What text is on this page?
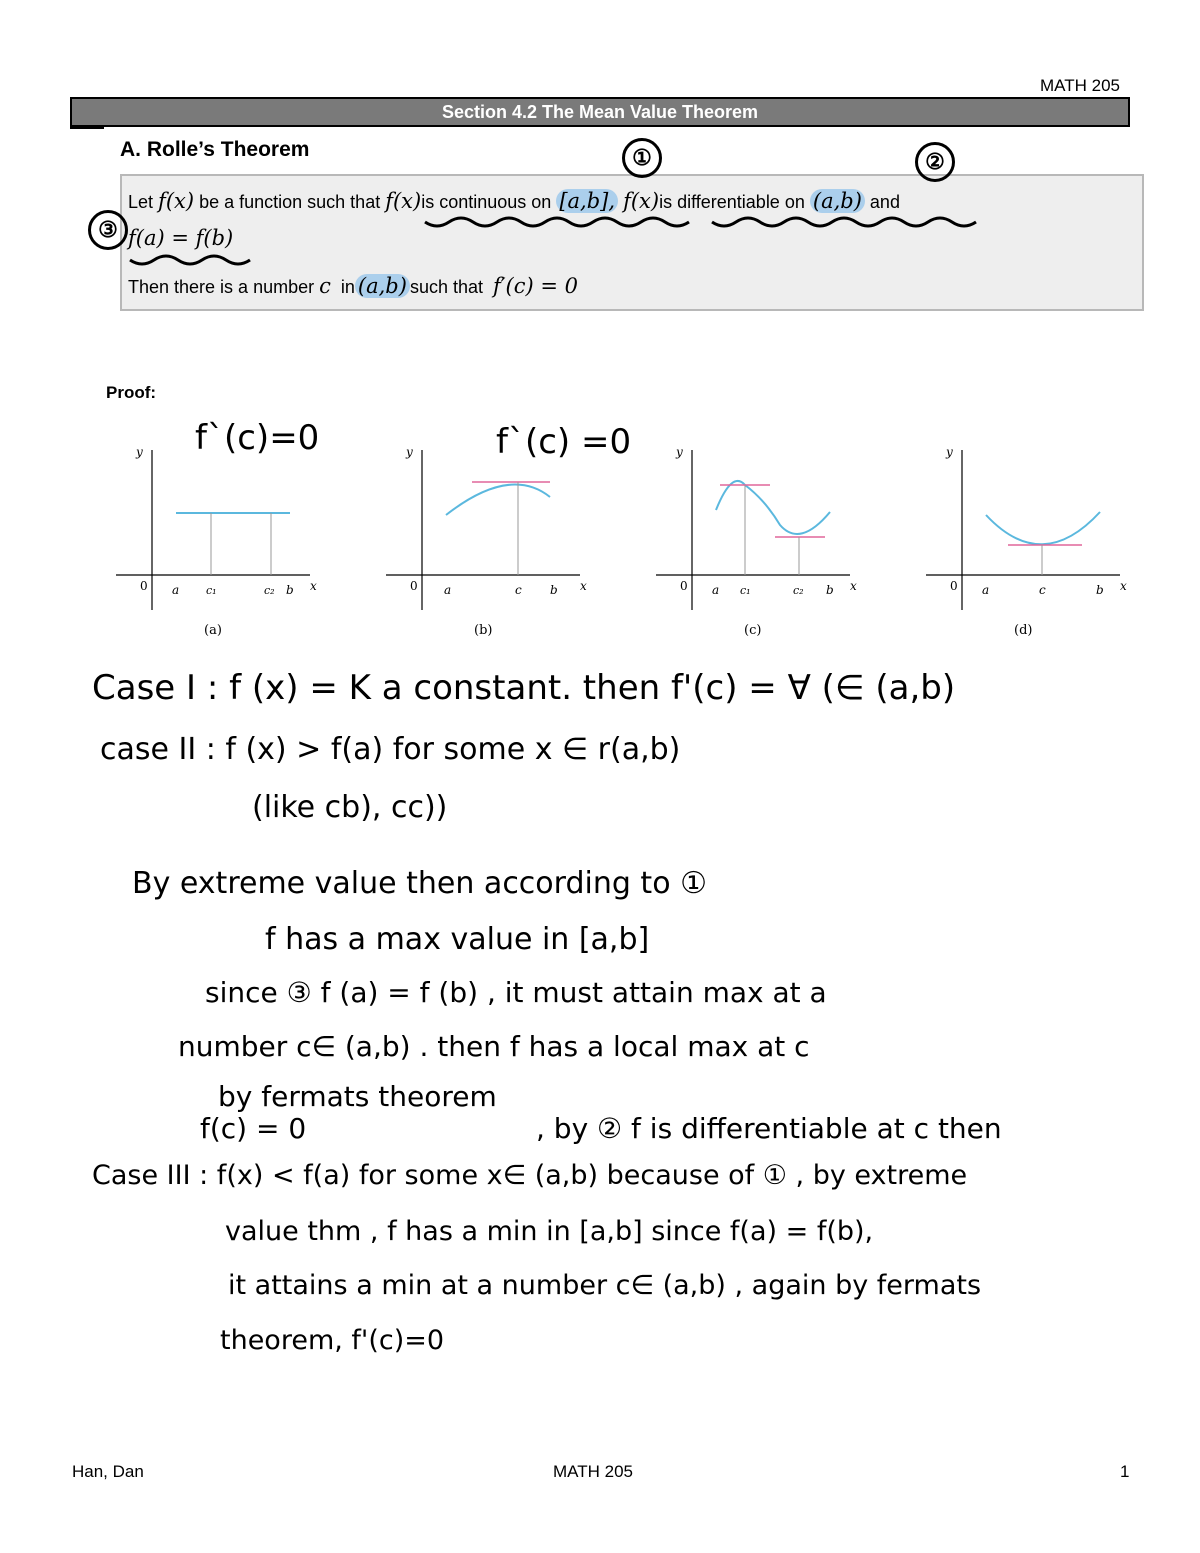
MATH 205
Section 4.2 The Mean Value Theorem
A. Rolle’s Theorem
Let f(x) be a function such that f(x)is continuous on [a,b], f(x)is differentiable on (a,b) and
f(a) = f(b)
Then there is a number c in (a,b) such that f′(c) = 0
①	②
③
Proof:
y
x
0 a c₁	c₂ b
(a)
y
x
0 a	c b
(b)
y
x
0 a c₁	c₂ b
(c)
y
x
0 a	c	b
(d)
f`(c)=0	f`(c) =0
Case I : f (x) = K a constant. then f'(c) = ∀ (∈ (a,b)
case II : f (x) > f(a) for some x ∈ r(a,b)
(like cb), cc))
By extreme value then according to ①
f has a max value in [a,b]
since ③ f (a) = f (b) , it must attain max at a
number c∈ (a,b) . then f has a local max at c
by fermats theorem
, by ② f is differentiable at c then
f(c) = 0
Case III : f(x) < f(a) for some x∈ (a,b) because of ① , by extreme
value thm , f has a min in [a,b] since f(a) = f(b),
it attains a min at a number c∈ (a,b) , again by fermats
theorem, f'(c)=0
Han, Dan	MATH 205	1
